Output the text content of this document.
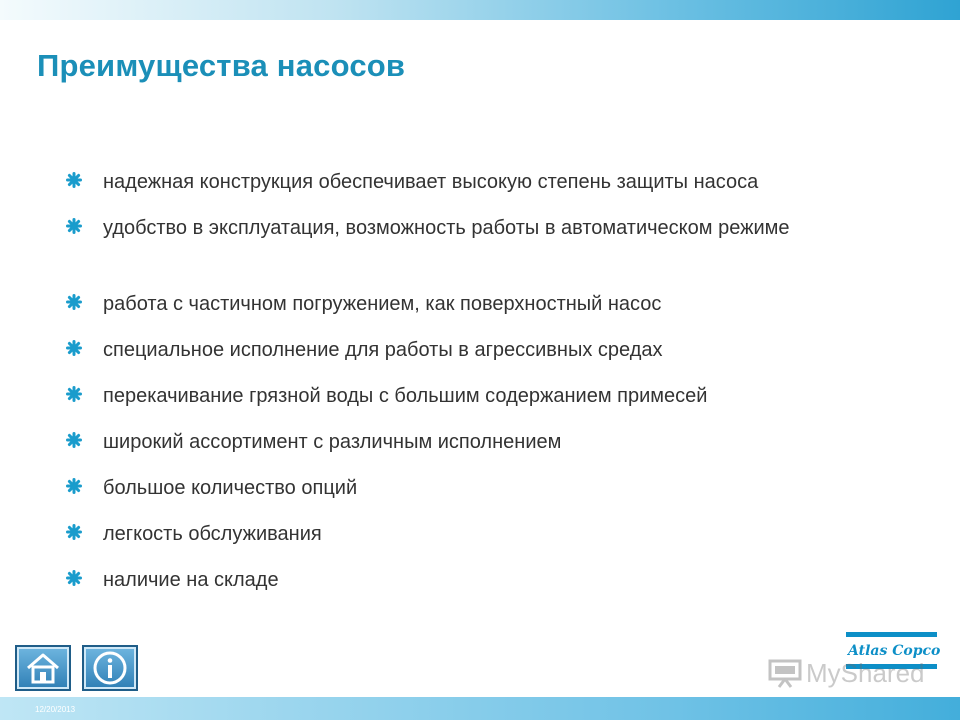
Преимущества насосов
надежная конструкция обеспечивает высокую степень защиты насоса
удобство в эксплуатация, возможность работы в автоматическом режиме
работа с частичном погружением, как поверхностный насос
специальное исполнение для работы в агрессивных средах
перекачивание грязной воды с большим содержанием примесей
широкий ассортимент с различным исполнением
большое количество опций
легкость обслуживания
наличие на складе
Atlas Copco
MyShared
12/20/2013
